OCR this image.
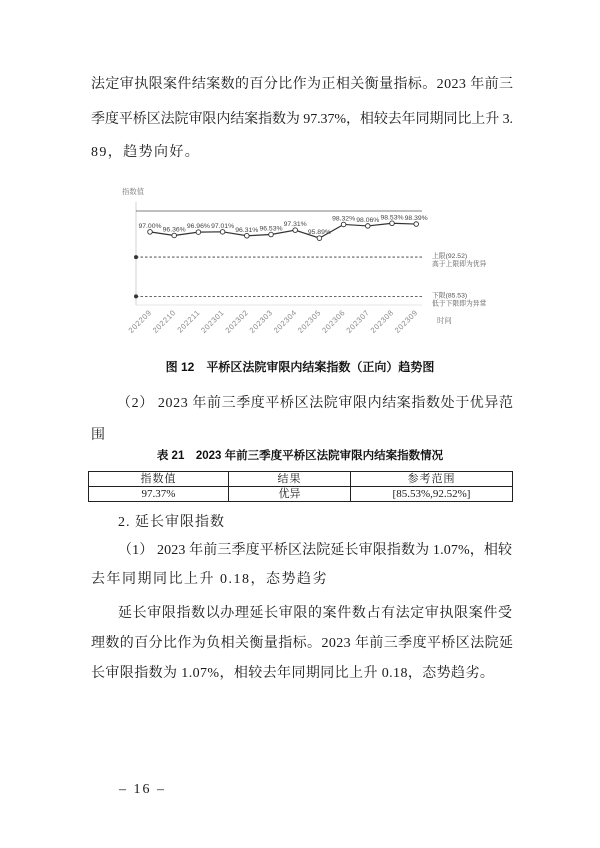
法定审执限案件结案数的百分比作为正相关衡量指标。2023 年前三
季度平桥区法院审限内结案指数为 97.37%，相较去年同期同比上升 3.
89，趋势向好。
指数值
时间
上限(92.52)
高于上限即为优异
下限(85.53)
低于下限即为异常
97.00%
96.36% 96.96% 97.01%
96.31% 96.53%
97.31%
95.89%
98.32% 98.06% 98.53% 98.39%
202209
202210
202211
202301
202302
202303
202304
202305
202306
202307
202308
202309
图 12　平桥区法院审限内结案指数（正向）趋势图
（2） 2023 年前三季度平桥区法院审限内结案指数处于优异范
围
表 21　2023 年前三季度平桥区法院审限内结案指数情况
指数值	结果	参考范围
97.37%	优异	[85.53%,92.52%]
2. 延长审限指数
（1） 2023 年前三季度平桥区法院延长审限指数为 1.07%，相较
去年同期同比上升 0.18，态势趋劣
延长审限指数以办理延长审限的案件数占有法定审执限案件受
理数的百分比作为负相关衡量指标。2023 年前三季度平桥区法院延
长审限指数为 1.07%，相较去年同期同比上升 0.18，态势趋劣。
– 16 –
